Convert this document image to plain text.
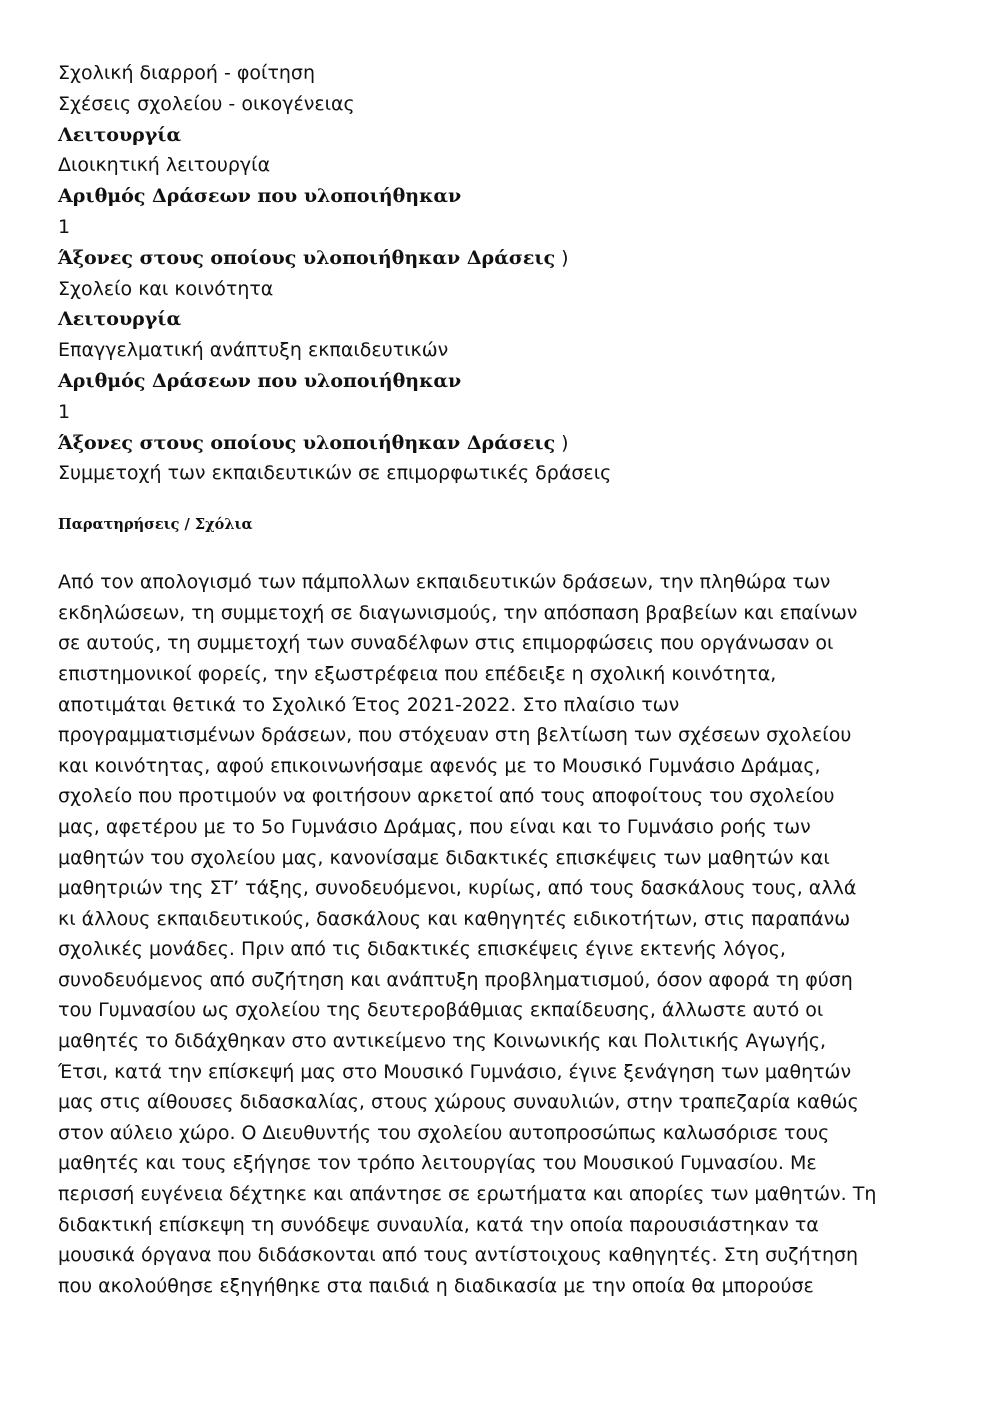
Σχολική διαρροή - φοίτηση
Σχέσεις σχολείου - οικογένειας
Λειτουργία
Διοικητική λειτουργία
Αριθμός Δράσεων που υλοποιήθηκαν
1
Άξονες στους οποίους υλοποιήθηκαν Δράσεις )
Σχολείο και κοινότητα
Λειτουργία
Επαγγελματική ανάπτυξη εκπαιδευτικών
Αριθμός Δράσεων που υλοποιήθηκαν
1
Άξονες στους οποίους υλοποιήθηκαν Δράσεις )
Συμμετοχή των εκπαιδευτικών σε επιμορφωτικές δράσεις
Παρατηρήσεις / Σχόλια
Από τον απολογισμό των πάμπολλων εκπαιδευτικών δράσεων, την πληθώρα των
εκδηλώσεων, τη συμμετοχή σε διαγωνισμούς, την απόσπαση βραβείων και επαίνων
σε αυτούς, τη συμμετοχή των συναδέλφων στις επιμορφώσεις που οργάνωσαν οι
επιστημονικοί φορείς, την εξωστρέφεια που επέδειξε η σχολική κοινότητα,
αποτιμάται θετικά το Σχολικό Έτος 2021-2022. Στο πλαίσιο των
προγραμματισμένων δράσεων, που στόχευαν στη βελτίωση των σχέσεων σχολείου
και κοινότητας, αφού επικοινωνήσαμε αφενός με το Μουσικό Γυμνάσιο Δράμας,
σχολείο που προτιμούν να φοιτήσουν αρκετοί από τους αποφοίτους του σχολείου
μας, αφετέρου με το 5ο Γυμνάσιο Δράμας, που είναι και το Γυμνάσιο ροής των
μαθητών του σχολείου μας, κανονίσαμε διδακτικές επισκέψεις των μαθητών και
μαθητριών της ΣΤ’ τάξης, συνοδευόμενοι, κυρίως, από τους δασκάλους τους, αλλά
κι άλλους εκπαιδευτικούς, δασκάλους και καθηγητές ειδικοτήτων, στις παραπάνω
σχολικές μονάδες. Πριν από τις διδακτικές επισκέψεις έγινε εκτενής λόγος,
συνοδευόμενος από συζήτηση και ανάπτυξη προβληματισμού, όσον αφορά τη φύση
του Γυμνασίου ως σχολείου της δευτεροβάθμιας εκπαίδευσης, άλλωστε αυτό οι
μαθητές το διδάχθηκαν στο αντικείμενο της Κοινωνικής και Πολιτικής Αγωγής,
Έτσι, κατά την επίσκεψή μας στο Μουσικό Γυμνάσιο, έγινε ξενάγηση των μαθητών
μας στις αίθουσες διδασκαλίας, στους χώρους συναυλιών, στην τραπεζαρία καθώς
στον αύλειο χώρο. Ο Διευθυντής του σχολείου αυτοπροσώπως καλωσόρισε τους
μαθητές και τους εξήγησε τον τρόπο λειτουργίας του Μουσικού Γυμνασίου. Με
περισσή ευγένεια δέχτηκε και απάντησε σε ερωτήματα και απορίες των μαθητών. Τη
διδακτική επίσκεψη τη συνόδεψε συναυλία, κατά την οποία παρουσιάστηκαν τα
μουσικά όργανα που διδάσκονται από τους αντίστοιχους καθηγητές. Στη συζήτηση
που ακολούθησε εξηγήθηκε στα παιδιά η διαδικασία με την οποία θα μπορούσε
